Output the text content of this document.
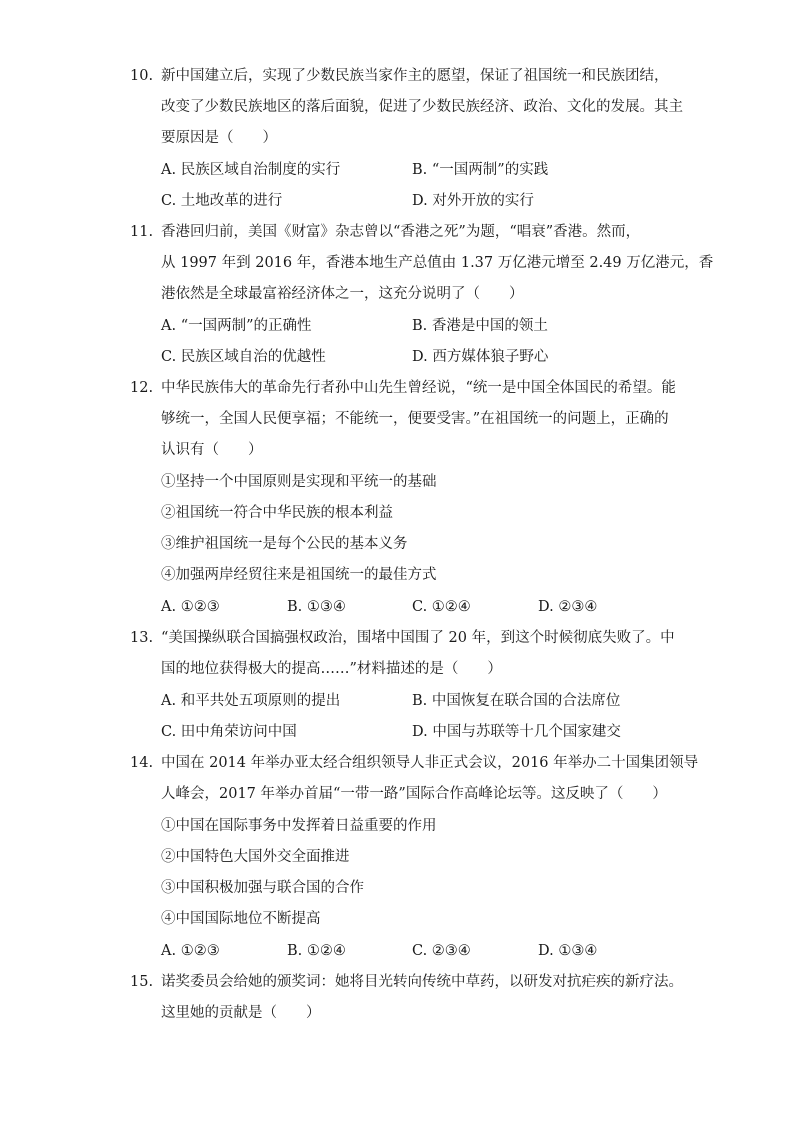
10. 新中国建立后，实现了少数民族当家作主的愿望，保证了祖国统一和民族团结，
改变了少数民族地区的落后面貌，促进了少数民族经济、政治、文化的发展。其主
要原因是（　　）
A. 民族区域自治制度的实行	B. “一国两制”的实践
C. 土地改革的进行	D. 对外开放的实行
11. 香港回归前，美国《财富》杂志曾以“香港之死”为题，“唱衰”香港。然而，
从 1997 年到 2016 年，香港本地生产总值由 1.37 万亿港元增至 2.49 万亿港元，香
港依然是全球最富裕经济体之一，这充分说明了（　　）
A. “一国两制”的正确性	B. 香港是中国的领土
C. 民族区域自治的优越性	D. 西方媒体狼子野心
12. 中华民族伟大的革命先行者孙中山先生曾经说，“统一是中国全体国民的希望。能
够统一，全国人民便享福；不能统一，便要受害。”在祖国统一的问题上，正确的
认识有（　　）
①坚持一个中国原则是实现和平统一的基础
②祖国统一符合中华民族的根本利益
③维护祖国统一是每个公民的基本义务
④加强两岸经贸往来是祖国统一的最佳方式
A. ①②③	B. ①③④	C. ①②④	D. ②③④
13. “美国操纵联合国搞强权政治，围堵中国围了 20 年，到这个时候彻底失败了。中
国的地位获得极大的提高……”材料描述的是（　　）
A. 和平共处五项原则的提出	B. 中国恢复在联合国的合法席位
C. 田中角荣访问中国	D. 中国与苏联等十几个国家建交
14. 中国在 2014 年举办亚太经合组织领导人非正式会议，2016 年举办二十国集团领导
人峰会，2017 年举办首届“一带一路”国际合作高峰论坛等。这反映了（　　）
①中国在国际事务中发挥着日益重要的作用
②中国特色大国外交全面推进
③中国积极加强与联合国的合作
④中国国际地位不断提高
A. ①②③	B. ①②④	C. ②③④	D. ①③④
15. 诺奖委员会给她的颁奖词：她将目光转向传统中草药，以研发对抗疟疾的新疗法。
这里她的贡献是（　　）
